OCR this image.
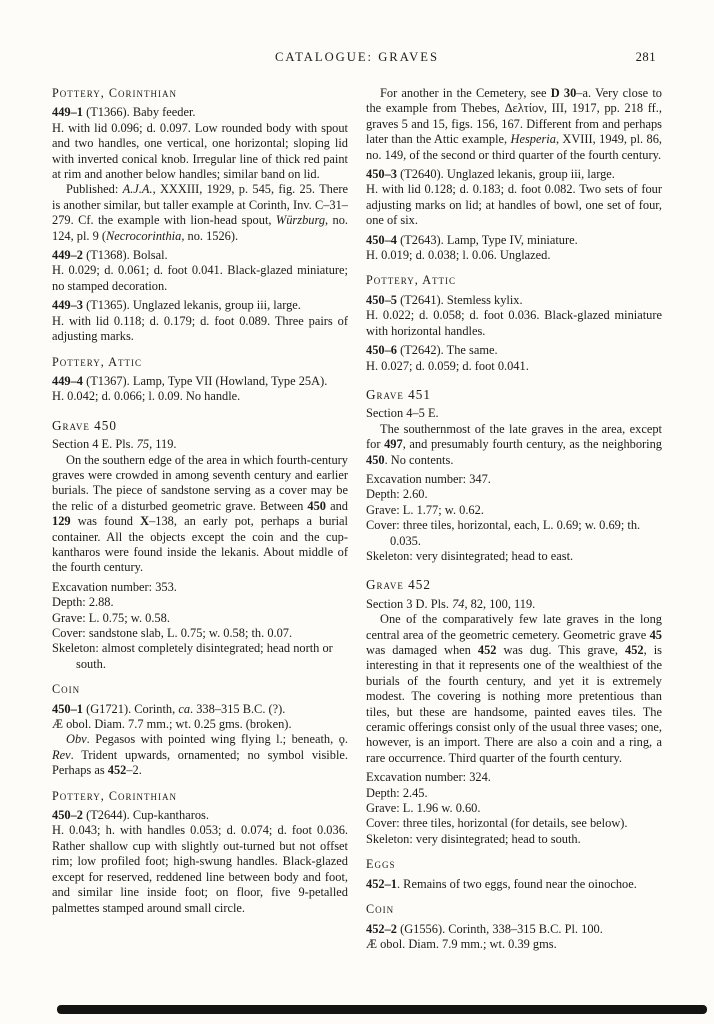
CATALOGUE: GRAVES	281
Pottery, Corinthian

449–1 (T1366). Baby feeder.

H. with lid 0.096; d. 0.097. Low rounded body with spout and two handles, one vertical, one horizontal; sloping lid with inverted conical knob. Irregular line of thick red paint at rim and another below handles; similar band on lid.

Published: A.J.A., XXXIII, 1929, p. 545, fig. 25. There is another similar, but taller example at Corinth, Inv. C–31–279. Cf. the example with lion-head spout, Würzburg, no. 124, pl. 9 (Necrocorinthia, no. 1526).

449–2 (T1368). Bolsal.

H. 0.029; d. 0.061; d. foot 0.041. Black-glazed miniature; no stamped decoration.

449–3 (T1365). Unglazed lekanis, group iii, large.

H. with lid 0.118; d. 0.179; d. foot 0.089. Three pairs of adjusting marks.

Pottery, Attic

449–4 (T1367). Lamp, Type VII (Howland, Type 25A).

H. 0.042; d. 0.066; l. 0.09. No handle.

Grave 450

Section 4 E. Pls. 75, 119.

On the southern edge of the area in which fourth-century graves were crowded in among seventh century and earlier burials. The piece of sandstone serving as a cover may be the relic of a disturbed geometric grave. Between 450 and 129 was found X–138, an early pot, perhaps a burial container. All the objects except the coin and the cup-kantharos were found inside the lekanis. About middle of the fourth century.

Excavation number: 353.
Depth: 2.88.
Grave: L. 0.75; w. 0.58.
Cover: sandstone slab, L. 0.75; w. 0.58; th. 0.07.
Skeleton: almost completely disintegrated; head north or south.
Coin

450–1 (G1721). Corinth, ca. 338–315 B.C. (?).

Æ obol. Diam. 7.7 mm.; wt. 0.25 gms. (broken).

Obv. Pegasos with pointed wing flying l.; beneath, ϙ. Rev. Trident upwards, ornamented; no symbol visible. Perhaps as 452–2.

Pottery, Corinthian

450–2 (T2644). Cup-kantharos.

H. 0.043; h. with handles 0.053; d. 0.074; d. foot 0.036. Rather shallow cup with slightly out-turned but not offset rim; low profiled foot; high-swung handles. Black-glazed except for reserved, reddened line between body and foot, and similar line inside foot; on floor, five 9-petalled palmettes stamped around small circle.

For another in the Cemetery, see D 30–a. Very close to the example from Thebes, Δελτίον, III, 1917, pp. 218 ff., graves 5 and 15, figs. 156, 167. Different from and perhaps later than the Attic example, Hesperia, XVIII, 1949, pl. 86, no. 149, of the second or third quarter of the fourth century.

450–3 (T2640). Unglazed lekanis, group iii, large.

H. with lid 0.128; d. 0.183; d. foot 0.082. Two sets of four adjusting marks on lid; at handles of bowl, one set of four, one of six.

450–4 (T2643). Lamp, Type IV, miniature.

H. 0.019; d. 0.038; l. 0.06. Unglazed.

Pottery, Attic

450–5 (T2641). Stemless kylix.

H. 0.022; d. 0.058; d. foot 0.036. Black-glazed miniature with horizontal handles.

450–6 (T2642). The same.

H. 0.027; d. 0.059; d. foot 0.041.

Grave 451

Section 4–5 E.

The southernmost of the late graves in the area, except for 497, and presumably fourth century, as the neighboring 450. No contents.

Excavation number: 347.
Depth: 2.60.
Grave: L. 1.77; w. 0.62.
Cover: three tiles, horizontal, each, L. 0.69; w. 0.69; th. 0.035.
Skeleton: very disintegrated; head to east.
Grave 452

Section 3 D. Pls. 74, 82, 100, 119.

One of the comparatively few late graves in the long central area of the geometric cemetery. Geometric grave 45 was damaged when 452 was dug. This grave, 452, is interesting in that it represents one of the wealthiest of the burials of the fourth century, and yet it is extremely modest. The covering is nothing more pretentious than tiles, but these are handsome, painted eaves tiles. The ceramic offerings consist only of the usual three vases; one, however, is an import. There are also a coin and a ring, a rare occurrence. Third quarter of the fourth century.

Excavation number: 324.
Depth: 2.45.
Grave: L. 1.96 w. 0.60.
Cover: three tiles, horizontal (for details, see below).
Skeleton: very disintegrated; head to south.
Eggs

452–1. Remains of two eggs, found near the oinochoe.

Coin

452–2 (G1556). Corinth, 338–315 B.C. Pl. 100.

Æ obol. Diam. 7.9 mm.; wt. 0.39 gms.
